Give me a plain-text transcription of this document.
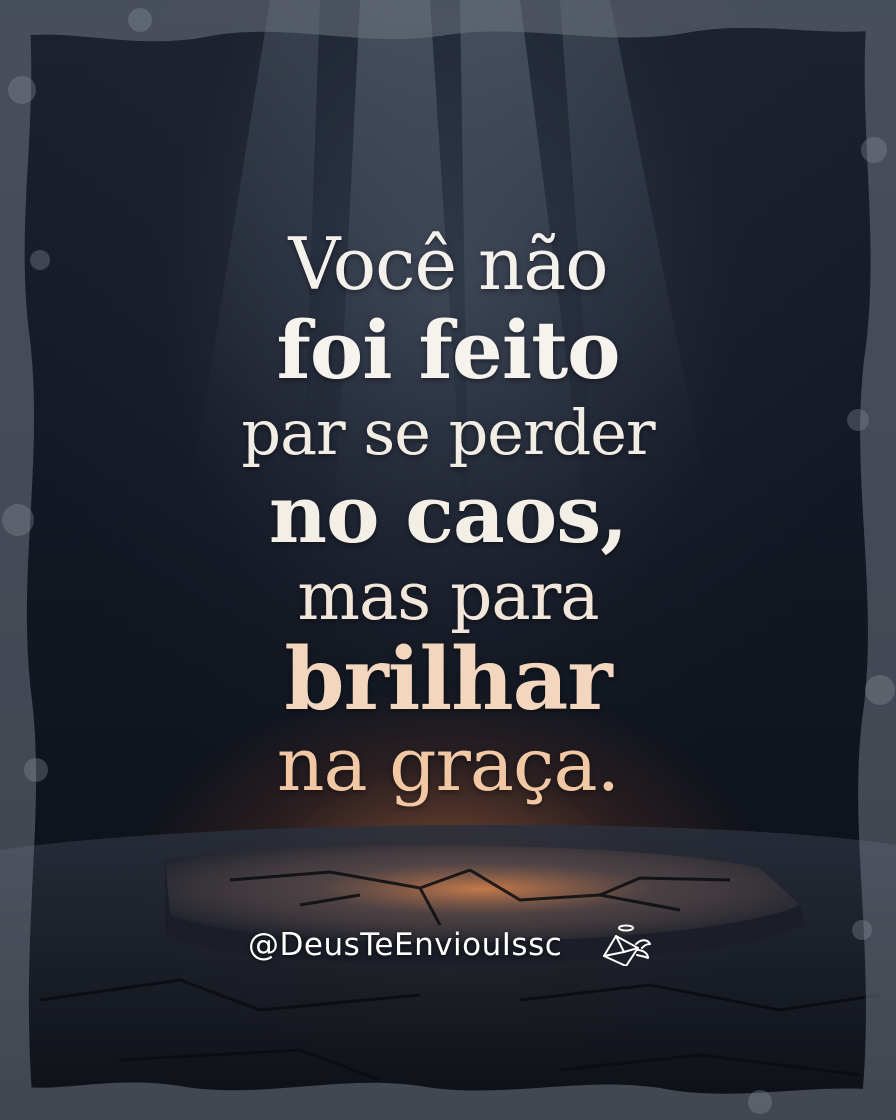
Você não
foi feito
par se perder
no caos,
mas para
brilhar
na graça.
@DeusTeEnviouIssc
